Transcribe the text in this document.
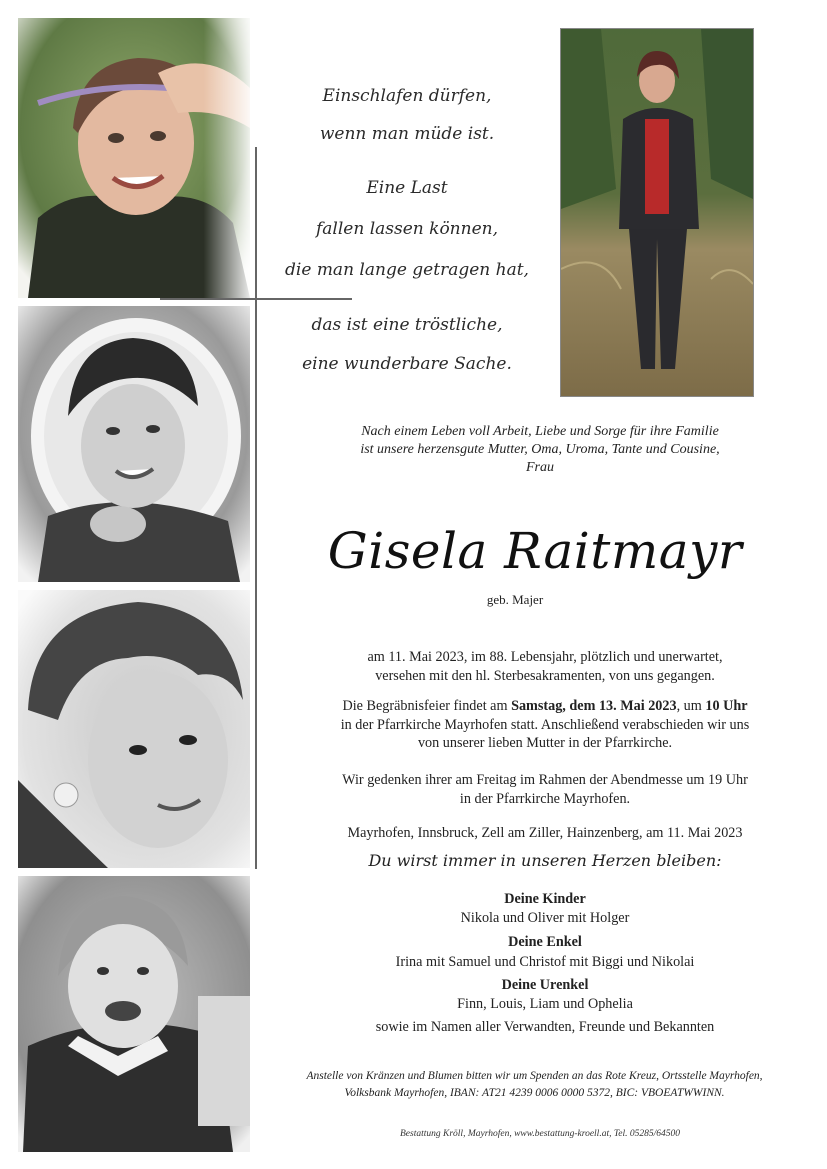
Einschlafen dürfen,
wenn man müde ist.
Eine Last
fallen lassen können,
die man lange getragen hat,
das ist eine tröstliche,
eine wunderbare Sache.
Nach einem Leben voll Arbeit, Liebe und Sorge für ihre Familie
ist unsere herzensgute Mutter, Oma, Uroma, Tante und Cousine,
Frau
Gisela Raitmayr
geb. Majer
am 11. Mai 2023, im 88. Lebensjahr, plötzlich und unerwartet,
versehen mit den hl. Sterbesakramenten, von uns gegangen.
Die Begräbnisfeier findet am Samstag, dem 13. Mai 2023, um 10 Uhr
in der Pfarrkirche Mayrhofen statt. Anschließend verabschieden wir uns
von unserer lieben Mutter in der Pfarrkirche.
Wir gedenken ihrer am Freitag im Rahmen der Abendmesse um 19 Uhr
in der Pfarrkirche Mayrhofen.
Mayrhofen, Innsbruck, Zell am Ziller, Hainzenberg, am 11. Mai 2023
Du wirst immer in unseren Herzen bleiben:
Deine Kinder
Nikola und Oliver mit Holger
Deine Enkel
Irina mit Samuel und Christof mit Biggi und Nikolai
Deine Urenkel
Finn, Louis, Liam und Ophelia
sowie im Namen aller Verwandten, Freunde und Bekannten
Anstelle von Kränzen und Blumen bitten wir um Spenden an das Rote Kreuz, Ortsstelle Mayrhofen,
Volksbank Mayrhofen, IBAN: AT21 4239 0006 0000 5372, BIC: VBOEATWWINN.
Bestattung Kröll, Mayrhofen, www.bestattung-kroell.at, Tel. 05285/64500
